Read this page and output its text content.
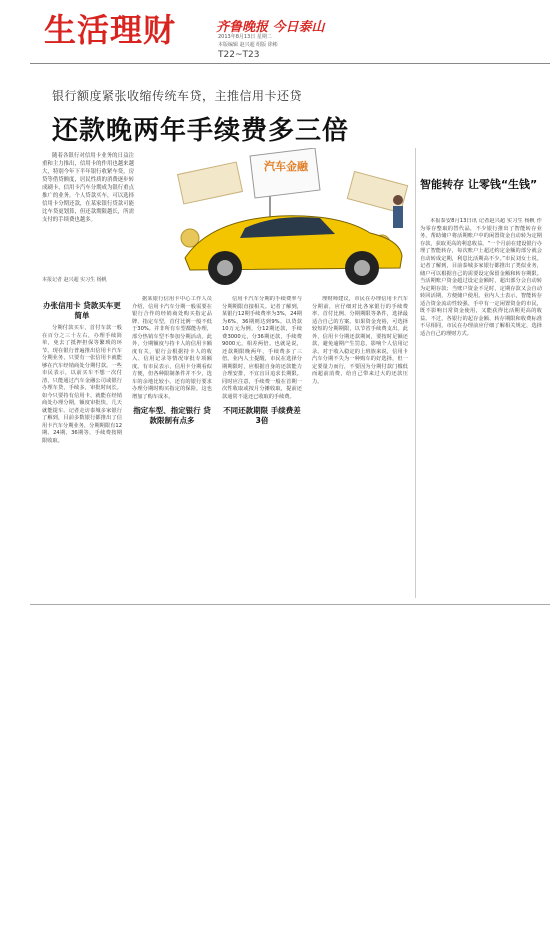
生活理财	齐鲁晚报 今日泰山
2013年8月13日 星期二
本版编辑 赵兴超 组版 徐彬
T22~T23
银行额度紧张收缩传统车贷，主推信用卡还贷
还款晚两年手续费多三倍
汽车金融

随着各银行对信用卡业务的日益注重和主力推出，信用卡的作用也越来越大，特别今年下半年银行收紧车贷，房贷等借贷额度，居民性质的消费逐步转成刷卡，信用卡汽车分期成为银行重点推广的业务。个人贷款买车，可以选择信用卡分期还款，在某家银行贷款可能比车贷更划算，但还款期限越长，所需支付的手续费也越多。

本报记者 赵兴超 实习生 杨帆
办张信用卡 贷款买车更简单

分期付款买车，首付车款一般在百分之三十左右，办理手续简单，免去了抵押担保等繁琐的环节。现在银行普遍推出信用卡汽车分期业务，只要有一张信用卡就能够在汽车经销商处分期付款。一些市民表示，以前买车不想一次付清，只能通过汽车金融公司或银行办理车贷，手续多，审批时间长。如今只要持有信用卡，就能在经销商处办理分期，额度审批快，几天就能提车。记者走访泰城多家银行了解到，目前多数银行都推出了信用卡汽车分期业务，分期期限有12期、24期、36期等，手续费按期限收取。

据某银行信用卡中心工作人员介绍，信用卡汽车分期一般需要在银行合作的经销商处购买指定品牌、指定车型，首付比例一般不低于30%。并非所有车型都能办理，部分热销车型不参加分期活动。此外，分期额度与持卡人的信用卡额度有关，银行会根据持卡人的收入、信用记录等情况审批专项额度。有市民表示，信用卡分期看似方便，但各种限制条件并不少，选车的余地比较小。还有的银行要求办理分期时购买指定的保险，这也增加了购车成本。

指定车型、指定银行 贷款限制有点多

信用卡汽车分期的手续费率与分期期限直接相关。记者了解到，某银行12期手续费率为3%，24期为6%，36期则达到9%。以贷款10万元为例，分12期还款，手续费3000元，分36期还款，手续费9000元，相差两倍。也就是说，还款期限晚两年，手续费多了三倍。业内人士提醒，市民在选择分期期限时，应根据自身的还款能力合理安排，不宜盲目追求长期限。同时应注意，手续费一般在首期一次性收取或按月分摊收取，提前还款通常不退还已收取的手续费。

不同还款期限 手续费差3倍

理财师建议，市民在办理信用卡汽车分期前，应仔细对比各家银行的手续费率、首付比例、分期期限等条件，选择最适合自己的方案。如果资金充裕，可选择较短的分期期限，以节省手续费支出。此外，信用卡分期还款期间，要按时足额还款，避免逾期产生罚息，影响个人信用记录。对于收入稳定的上班族来说，信用卡汽车分期不失为一种购车的好选择，但一定要量力而行，不要因为分期付款门槛低而超前消费，给自己带来过大的还款压力。

智能转存 让零钱“生钱”

本报泰安8月13日讯 记者赵兴超 实习生 杨帆 作为零存整取的替代品，不少银行推出了智能转存业务，帮助储户将活期账户中的闲置资金自动转为定期存款，获取更高的利息收益。“一个月前在建设银行办理了智能转存，每次账户上超过约定金额的部分就会自动转成定期，利息比活期高不少。”市民刘女士说。记者了解到，目前泰城多家银行都推出了类似业务，储户可以根据自己的需要设定保留金额和转存期限。当活期账户资金超过设定金额时，超出部分会自动转为定期存款；当账户资金不足时，定期存款又会自动转回活期，方便储户使用。业内人士表示，智能转存适合资金流动性较强、手中有一定闲置资金的市民，既不影响日常资金使用，又能获得比活期更高的收益。不过，各银行的起存金额、转存期限和收费标准不尽相同，市民在办理前应仔细了解相关规定，选择适合自己的理财方式。
